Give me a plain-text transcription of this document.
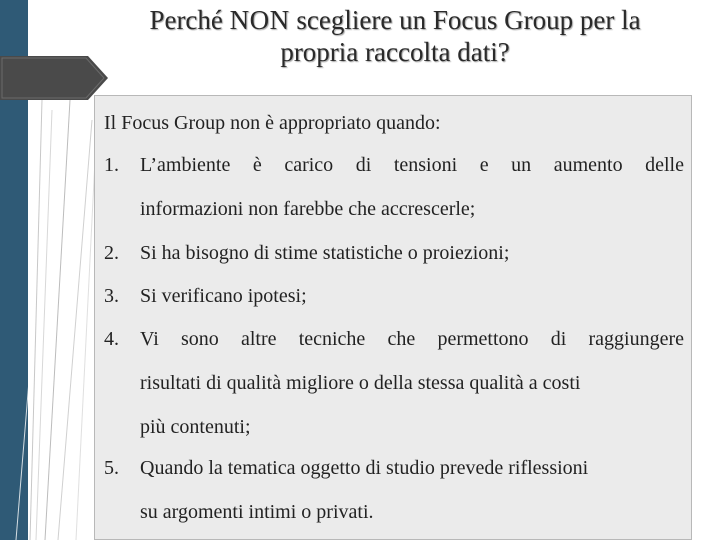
Perché NON scegliere un Focus Group per la
propria raccolta dati?
Il Focus Group non è appropriato quando:
1.	L’ambiente è carico di tensioni e un aumento delle
informazioni non farebbe che accrescerle;
2.	Si ha bisogno di stime statistiche o proiezioni;
3.	Si verificano ipotesi;
4.	Vi sono altre tecniche che permettono di raggiungere
risultati di qualità migliore o della stessa qualità a costi
più contenuti;
5.	Quando la tematica oggetto di studio prevede riflessioni
su argomenti intimi o privati.
